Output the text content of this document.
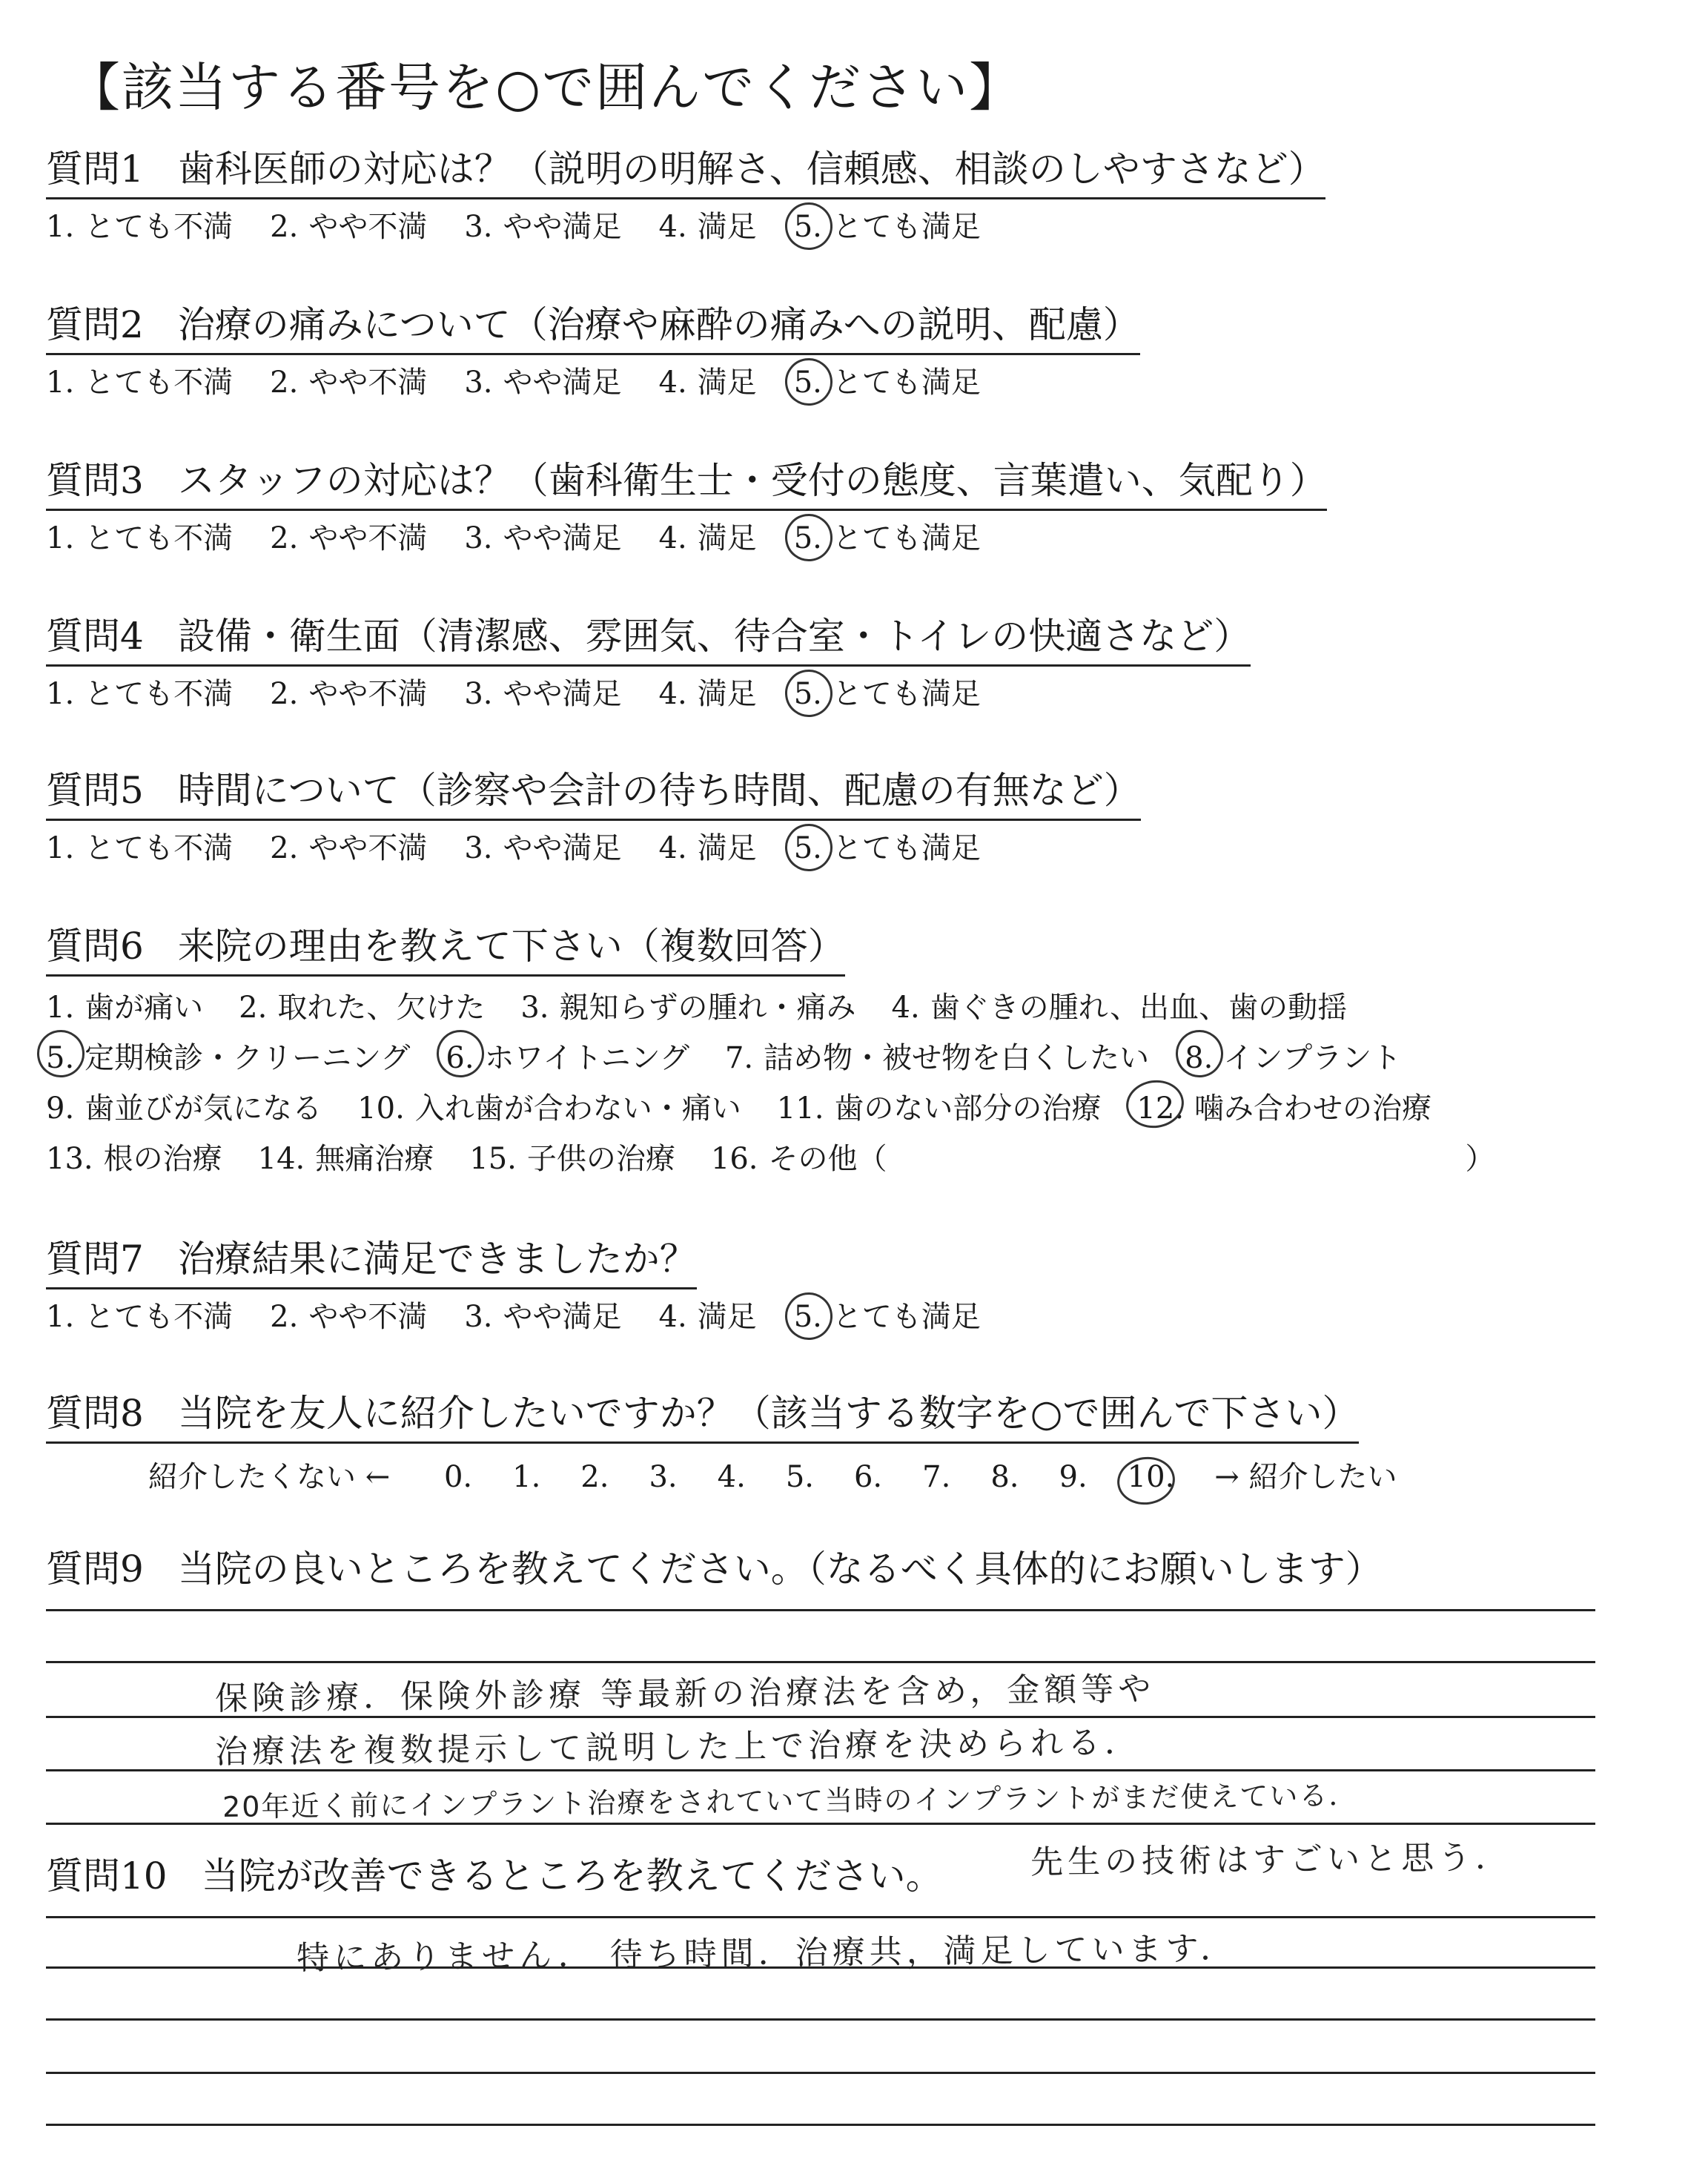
【該当する番号を○で囲んでください】
質問1 歯科医師の対応は？（説明の明解さ、信頼感、相談のしやすさなど）
1. とても不満 2. やや不満 3. やや満足 4. 満足 5. とても満足
質問2 治療の痛みについて（治療や麻酔の痛みへの説明、配慮）
1. とても不満 2. やや不満 3. やや満足 4. 満足 5. とても満足
質問3 スタッフの対応は？（歯科衛生士・受付の態度、言葉遣い、気配り）
1. とても不満 2. やや不満 3. やや満足 4. 満足 5. とても満足
質問4 設備・衛生面（清潔感、雰囲気、待合室・トイレの快適さなど）
1. とても不満 2. やや不満 3. やや満足 4. 満足 5. とても満足
質問5 時間について（診察や会計の待ち時間、配慮の有無など）
1. とても不満 2. やや不満 3. やや満足 4. 満足 5. とても満足
質問6 来院の理由を教えて下さい（複数回答）
1. 歯が痛い 2. 取れた、欠けた 3. 親知らずの腫れ・痛み 4. 歯ぐきの腫れ、出血、歯の動揺
5. 定期検診・クリーニング 6. ホワイトニング 7. 詰め物・被せ物を白くしたい 8. インプラント
9. 歯並びが気になる 10. 入れ歯が合わない・痛い 11. 歯のない部分の治療 12. 噛み合わせの治療
13. 根の治療 14. 無痛治療 15. 子供の治療 16. その他（	）
質問7 治療結果に満足できましたか？
1. とても不満 2. やや不満 3. やや満足 4. 満足 5. とても満足
質問8 当院を友人に紹介したいですか？（該当する数字を○で囲んで下さい）
紹介したくない ← 0. 1. 2. 3. 4. 5. 6. 7. 8. 9. 10. → 紹介したい
質問9 当院の良いところを教えてください。（なるべく具体的にお願いします）
保険診療．保険外診療 等最新の治療法を含め，金額等や
治療法を複数提示して説明した上で治療を決められる．
20年近く前にインプラント治療をされていて当時のインプラントがまだ使えている．
先生の技術はすごいと思う．
質問10 当院が改善できるところを教えてください。
特にありません． 待ち時間．治療共，満足しています．
